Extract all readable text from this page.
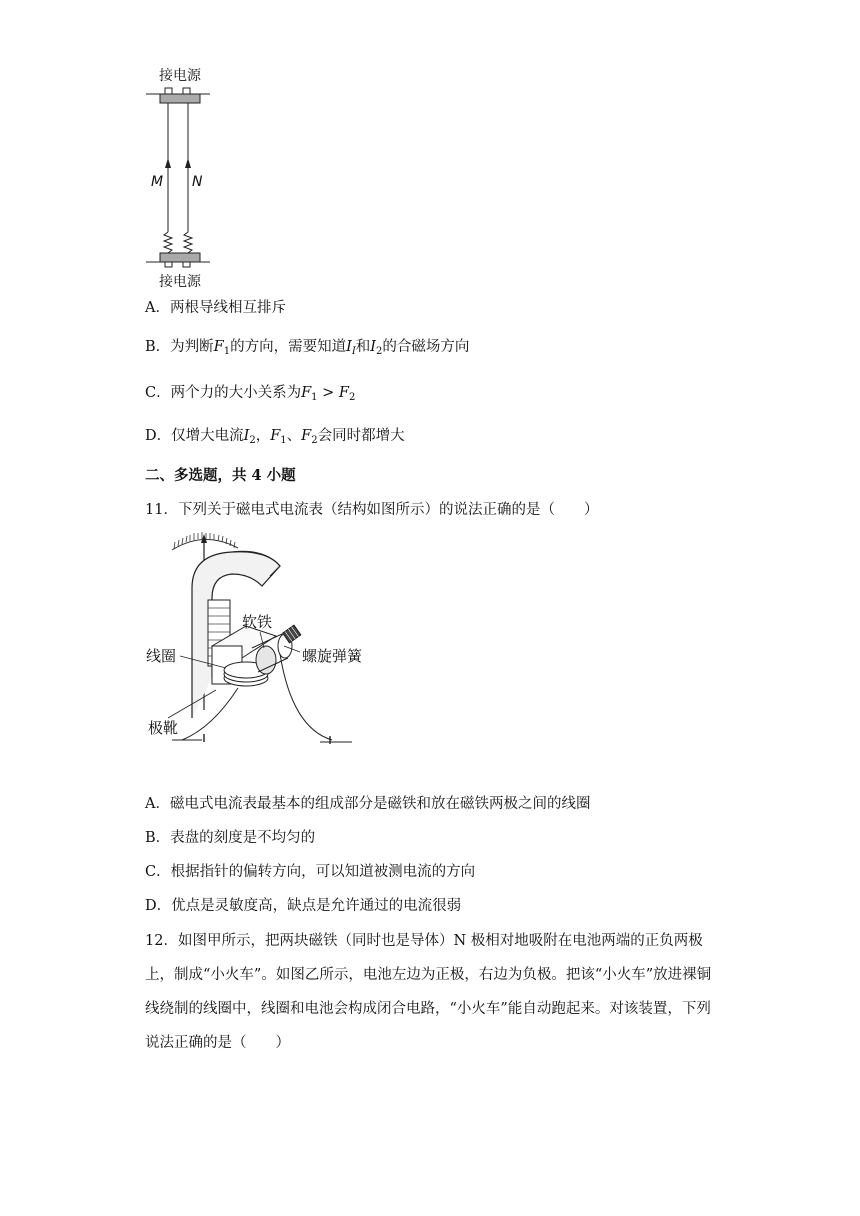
接电源
M N
接电源
A．两根导线相互排斥
B．为判断$F_1$的方向，需要知道$I_I$和$I_2$的合磁场方向
C．两个力的大小关系为$F_1 > F_2$
D．仅增大电流$I_2$，$F_1$、$F_2$会同时都增大
二、多选题，共 4 小题
11．下列关于磁电式电流表（结构如图所示）的说法正确的是（　　）
软铁
线圈	螺旋弹簧
极靴
A．磁电式电流表最基本的组成部分是磁铁和放在磁铁两极之间的线圈
B．表盘的刻度是不均匀的
C．根据指针的偏转方向，可以知道被测电流的方向
D．优点是灵敏度高，缺点是允许通过的电流很弱
12．如图甲所示，把两块磁铁（同时也是导体）N 极相对地吸附在电池两端的正负两极上，制成“小火车”。如图乙所示，电池左边为正极，右边为负极。把该“小火车”放进裸铜线绕制的线圈中，线圈和电池会构成闭合电路，“小火车”能自动跑起来。对该装置，下列说法正确的是（　　）
